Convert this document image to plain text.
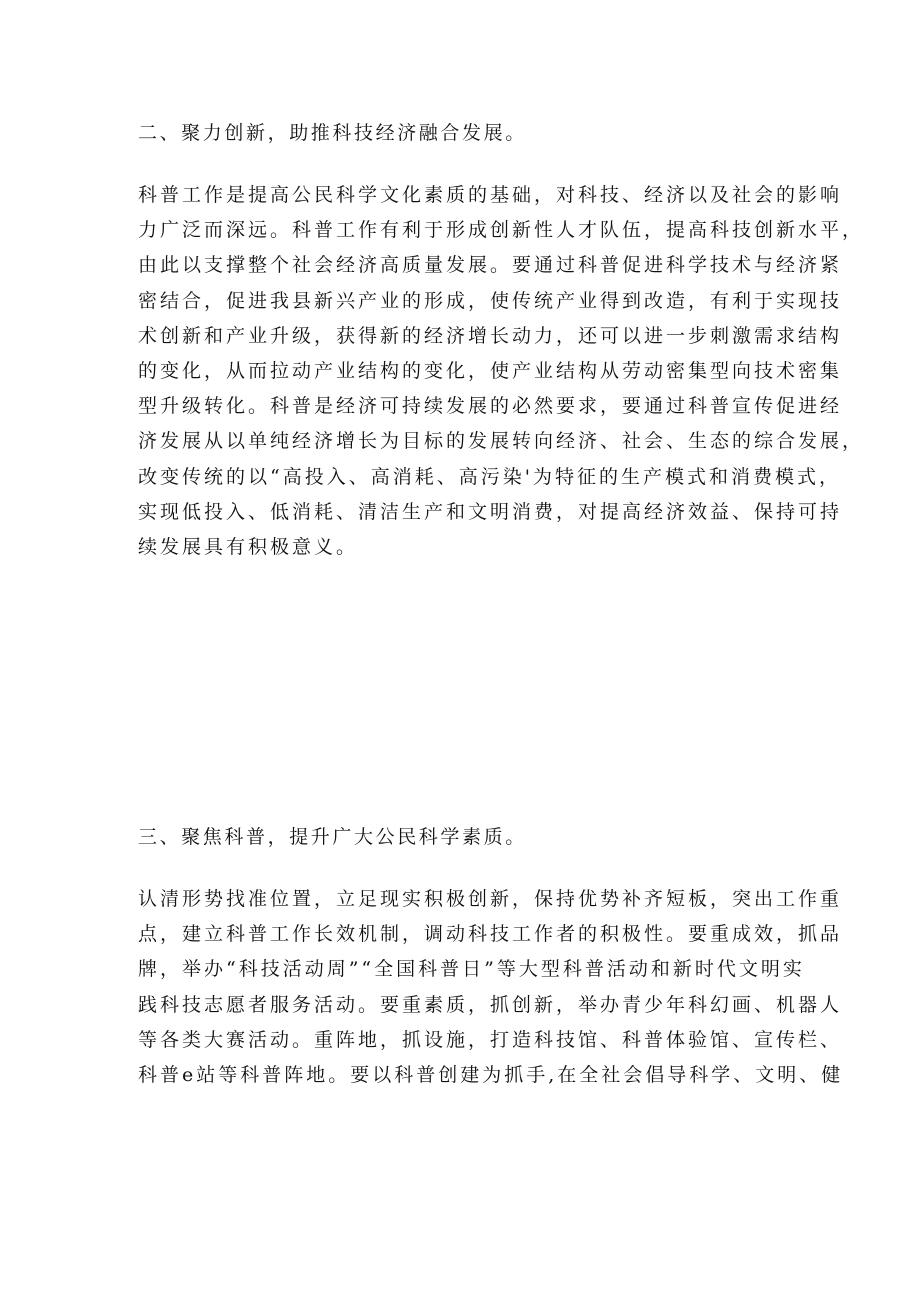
二、聚力创新，助推科技经济融合发展。
科普工作是提高公民科学文化素质的基础，对科技、经济以及社会的影响
力广泛而深远。科普工作有利于形成创新性人才队伍，提高科技创新水平，
由此以支撑整个社会经济高质量发展。要通过科普促进科学技术与经济紧
密结合，促进我县新兴产业的形成，使传统产业得到改造，有利于实现技
术创新和产业升级，获得新的经济增长动力，还可以进一步刺激需求结构
的变化，从而拉动产业结构的变化，使产业结构从劳动密集型向技术密集
型升级转化。科普是经济可持续发展的必然要求，要通过科普宣传促进经
济发展从以单纯经济增长为目标的发展转向经济、社会、生态的综合发展，
改变传统的以“高投入、高消耗、高污染'为特征的生产模式和消费模式，
实现低投入、低消耗、清洁生产和文明消费，对提高经济效益、保持可持
续发展具有积极意义。
三、聚焦科普，提升广大公民科学素质。
认清形势找准位置，立足现实积极创新，保持优势补齐短板，突出工作重
点，建立科普工作长效机制，调动科技工作者的积极性。要重成效，抓品
牌，举办“科技活动周”“全国科普日”等大型科普活动和新时代文明实
践科技志愿者服务活动。要重素质，抓创新，举办青少年科幻画、机器人
等各类大赛活动。重阵地，抓设施，打造科技馆、科普体验馆、宣传栏、
科普e站等科普阵地。要以科普创建为抓手,在全社会倡导科学、文明、健
